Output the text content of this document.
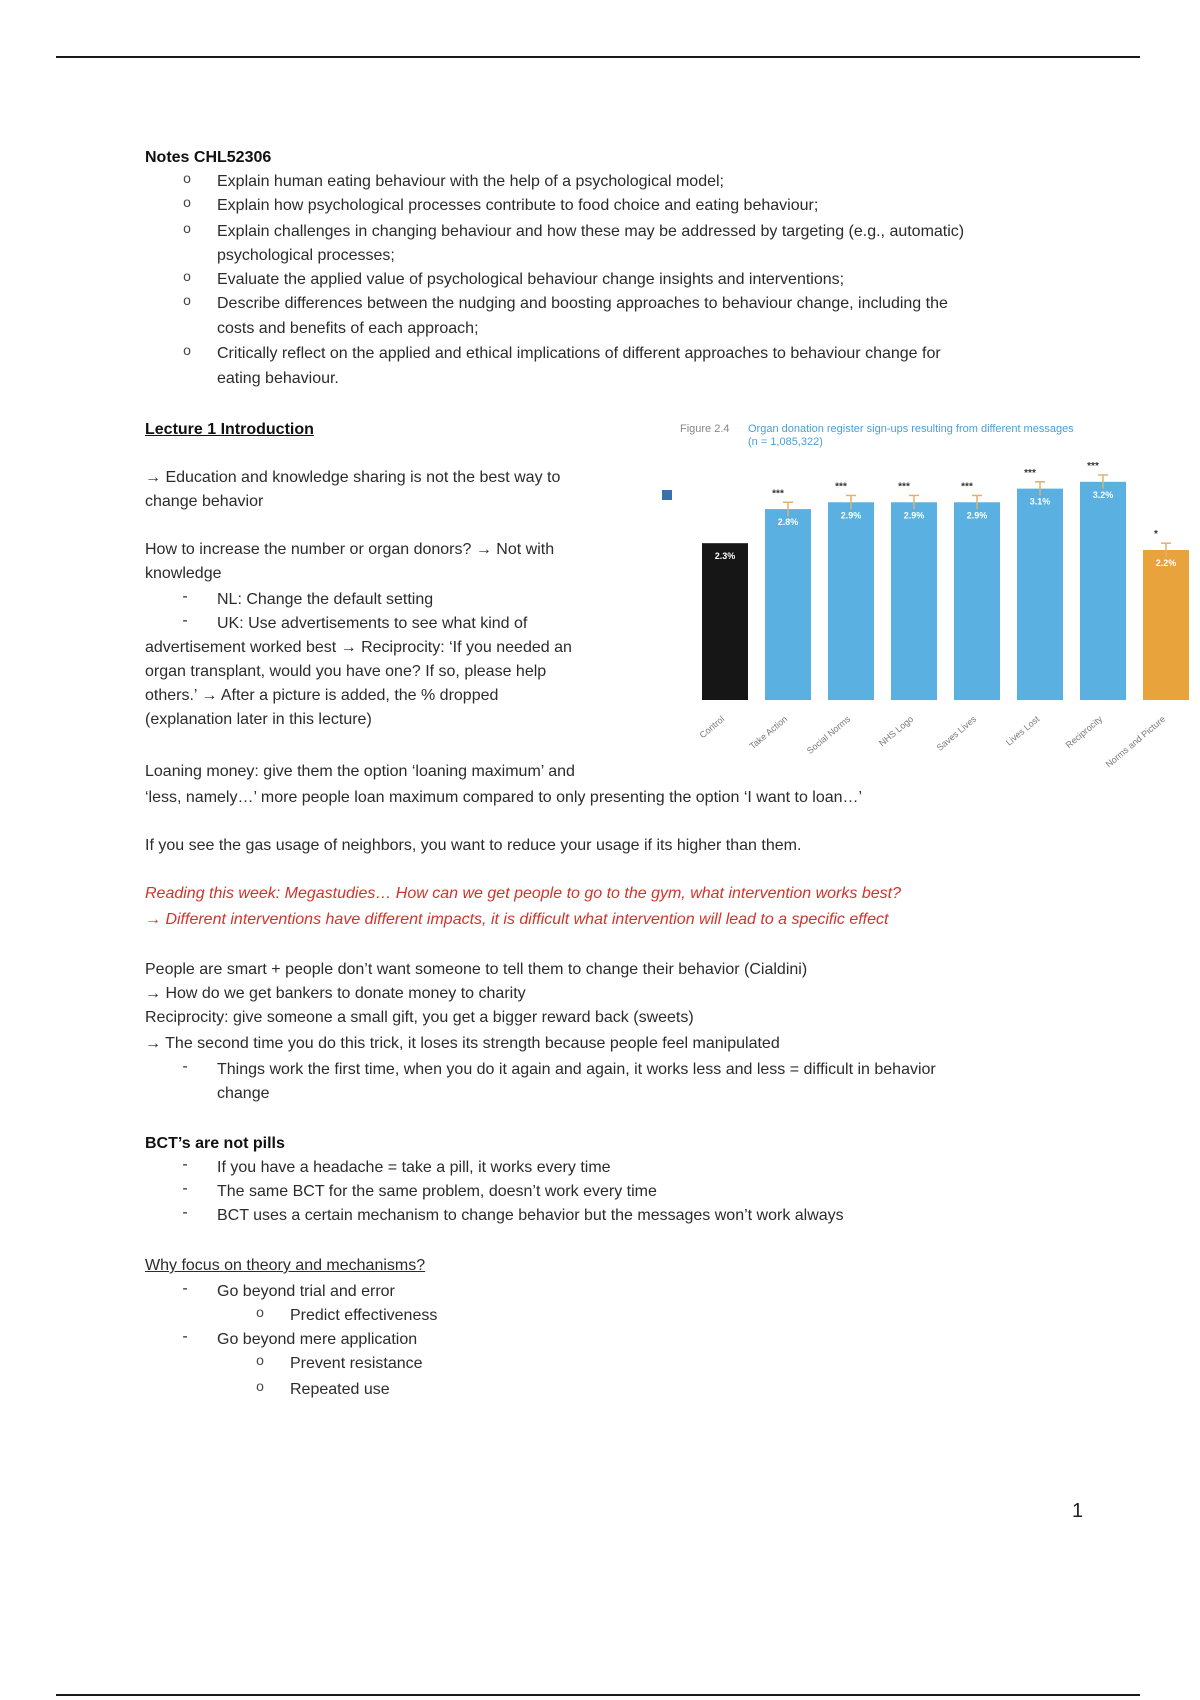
Notes CHL52306
o	Explain human eating behaviour with the help of a psychological model;
o	Explain how psychological processes contribute to food choice and eating behaviour;
o	Explain challenges in changing behaviour and how these may be addressed by targeting (e.g., automatic)
psychological processes;
o	Evaluate the applied value of psychological behaviour change insights and interventions;
o	Describe differences between the nudging and boosting approaches to behaviour change, including the
costs and benefits of each approach;
o	Critically reflect on the applied and ethical implications of different approaches to behaviour change for
eating behaviour.
Lecture 1 Introduction
→ Education and knowledge sharing is not the best way to
change behavior
How to increase the number or organ donors? → Not with
knowledge
-	NL: Change the default setting
-	UK: Use advertisements to see what kind of
advertisement worked best → Reciprocity: ‘If you needed an
organ transplant, would you have one? If so, please help
others.’ → After a picture is added, the % dropped
(explanation later in this lecture)
Loaning money: give them the option ‘loaning maximum’ and
‘less, namely…’ more people loan maximum compared to only presenting the option ‘I want to loan…’
If you see the gas usage of neighbors, you want to reduce your usage if its higher than them.
Reading this week: Megastudies… How can we get people to go to the gym, what intervention works best?
→ Different interventions have different impacts, it is difficult what intervention will lead to a specific effect
People are smart + people don’t want someone to tell them to change their behavior (Cialdini)
→ How do we get bankers to donate money to charity
Reciprocity: give someone a small gift, you get a bigger reward back (sweets)
→ The second time you do this trick, it loses its strength because people feel manipulated
-	Things work the first time, when you do it again and again, it works less and less = difficult in behavior
change
BCT’s are not pills
-	If you have a headache = take a pill, it works every time
-	The same BCT for the same problem, doesn’t work every time
-	BCT uses a certain mechanism to change behavior but the messages won’t work always
Why focus on theory and mechanisms?
-	Go beyond trial and error
o	Predict effectiveness
-	Go beyond mere application
o	Prevent resistance
o	Repeated use
Figure 2.4 Organ donation register sign-ups resulting from different messages
(n = 1,085,322)
2.3%
Control
2.8%
***
Take Action
2.9%
***
Social Norms
2.9%
***
NHS Logo
2.9%
***
Saves Lives
3.1%
***
Lives Lost
3.2%
***
Reciprocity
2.2%
*
Norms and Picture
1
